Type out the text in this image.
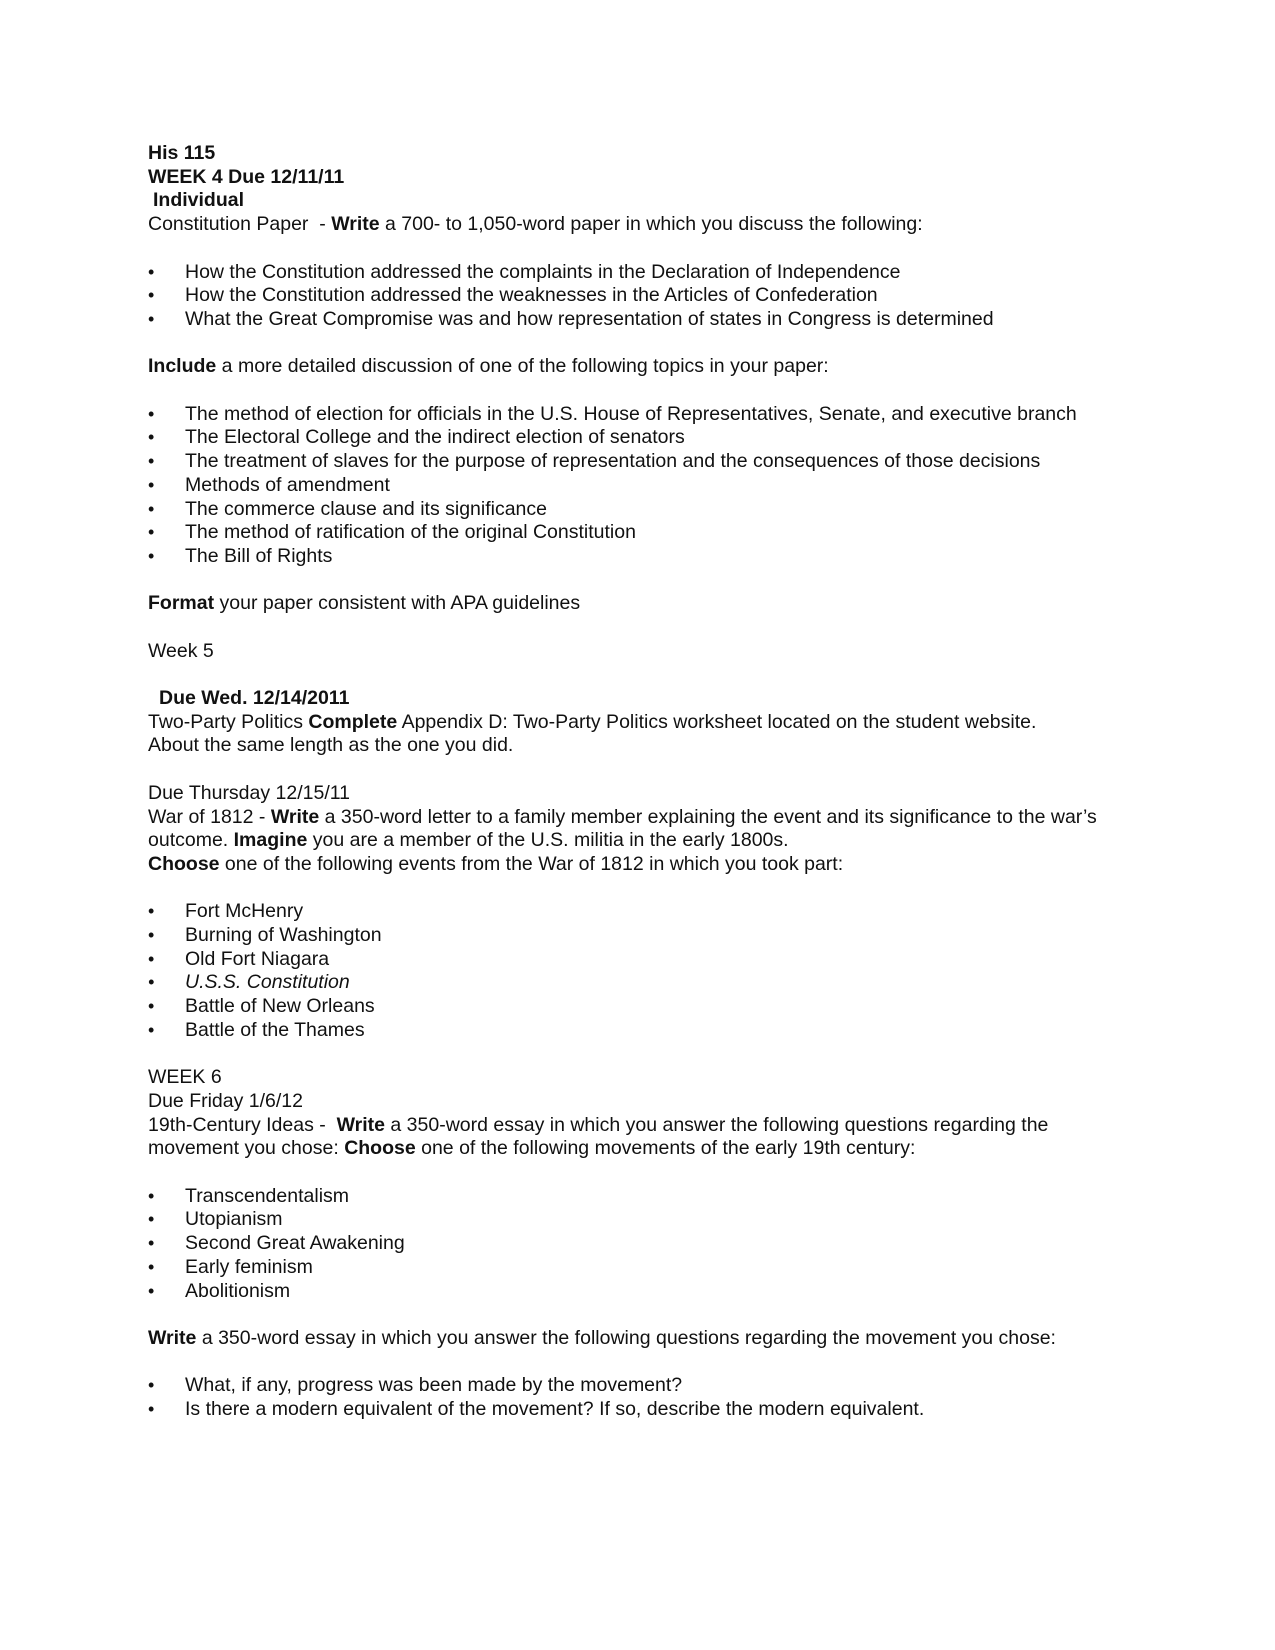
His 115

WEEK 4 Due 12/11/11

Individual

Constitution Paper  - Write a 700- to 1,050-word paper in which you discuss the following:

• How the Constitution addressed the complaints in the Declaration of Independence
• How the Constitution addressed the weaknesses in the Articles of Confederation
• What the Great Compromise was and how representation of states in Congress is determined

Include a more detailed discussion of one of the following topics in your paper:

• The method of election for officials in the U.S. House of Representatives, Senate, and executive branch
• The Electoral College and the indirect election of senators
• The treatment of slaves for the purpose of representation and the consequences of those decisions
• Methods of amendment
• The commerce clause and its significance
• The method of ratification of the original Constitution
• The Bill of Rights

Format your paper consistent with APA guidelines

Week 5

Due Wed. 12/14/2011

Two-Party Politics Complete Appendix D: Two-Party Politics worksheet located on the student website.

About the same length as the one you did.

Due Thursday 12/15/11

War of 1812 - Write a 350-word letter to a family member explaining the event and its significance to the war’s outcome. Imagine you are a member of the U.S. militia in the early 1800s.

Choose one of the following events from the War of 1812 in which you took part:

• Fort McHenry
• Burning of Washington
• Old Fort Niagara
• U.S.S. Constitution
• Battle of New Orleans
• Battle of the Thames

WEEK 6

Due Friday 1/6/12

19th-Century Ideas -  Write a 350-word essay in which you answer the following questions regarding the movement you chose: Choose one of the following movements of the early 19th century:

• Transcendentalism
• Utopianism
• Second Great Awakening
• Early feminism
• Abolitionism

Write a 350-word essay in which you answer the following questions regarding the movement you chose:

• What, if any, progress was been made by the movement?
• Is there a modern equivalent of the movement? If so, describe the modern equivalent.
